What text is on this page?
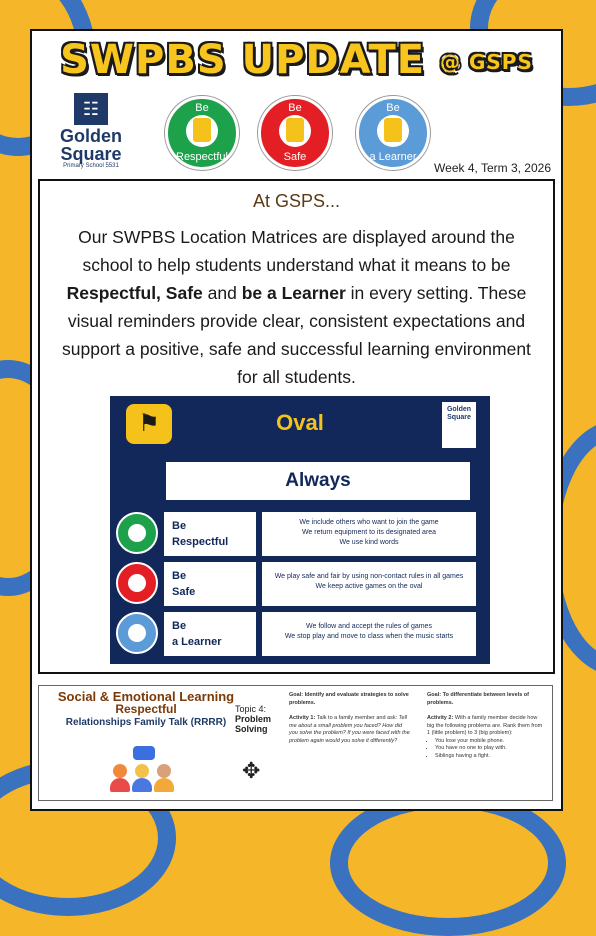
SWPBS UPDATE @ GSPS
☷
Golden Square
Primary School 5531
Be
Respectful
Be
Safe
Be
a Learner
Week 4, Term 3, 2026
At GSPS...
Our SWPBS Location Matrices are displayed around the school to help students understand what it means to be Respectful, Safe and be a Learner in every setting. These visual reminders provide clear, consistent expectations and support a positive, safe and successful learning environment for all students.
⚑	Oval
Golden Square
Always
Be
Respectful
We include others who want to join the game
We return equipment to its designated area
We use kind words
Be
Safe
We play safe and fair by using non-contact rules in all games
We keep active games on the oval
Be
a Learner
We follow and accept the rules of games
We stop play and move to class when the music starts
Social & Emotional Learning
Respectful
Relationships Family Talk (RRRR)
Topic 4:
Problem Solving
✥
Goal: Identify and evaluate strategies to solve problems.
Activity 1: Talk to a family member and ask: Tell me about a small problem you faced? How did you solve the problem? If you were faced with the problem again would you solve it differently?
Goal: To differentiate between levels of problems.
Activity 2: With a family member decide how big the following problems are. Rank them from 1 (little problem) to 3 (big problem):
• You lose your mobile phone.
• You have no one to play with.
• Siblings having a fight.
